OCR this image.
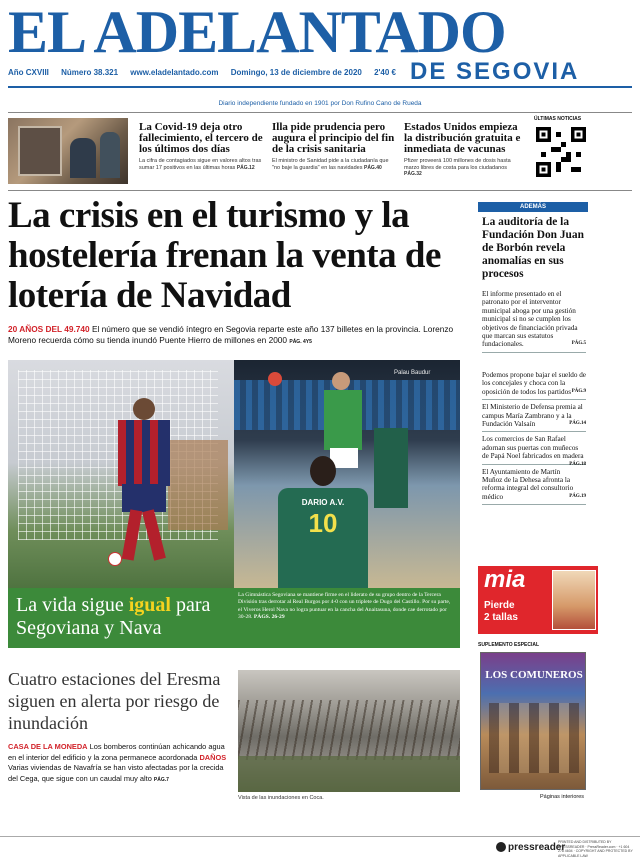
EL ADELANTADO
DE SEGOVIA
Año CXVIII Número 38.321 www.eladelantado.com Domingo, 13 de diciembre de 2020 2'40 €
Diario independiente fundado en 1901 por Don Rufino Cano de Rueda
La Covid-19 deja otro fallecimiento, el tercero de los últimos dos días

La cifra de contagiados sigue en valores altos tras sumar 17 positivos en las últimas horas PÁG.12

Illa pide prudencia pero augura el principio del fin de la crisis sanitaria

El ministro de Sanidad pide a la ciudadanía que "no baje la guardia" en las navidades PÁG.40

Estados Unidos empieza la distribución gratuita e inmediata de vacunas

Pfizer proveerá 100 millones de dosis hasta marzo libres de costa para los ciudadanos PÁG.32

ÚLTIMAS NOTICIAS
La crisis en el turismo y la hostelería frenan la venta de lotería de Navidad
20 AÑOS DEL 49.740 El número que se vendió íntegro en Segovia reparte este año 137 billetes en la provincia. Lorenzo Moreno recuerda cómo su tienda inundó Puente Hierro de millones en 2000 PÁG. 4Y5
Palau Baudur
DARIO A.V.
10
La vida sigue igual para Segoviana y Nava
La Gimnástica Segoviana se mantiene firme en el liderato de su grupo dentro de la Tercera División tras derrotar al Real Burgos por 4-0 con un triplete de Dugo del Castillo. Por su parte, el Viveros Herol Nava no logra puntuar en la cancha del Anaitasuna, donde cae derrotado por 30-28. PÁGS. 26-29
Cuatro estaciones del Eresma siguen en alerta por riesgo de inundación
CASA DE LA MONEDA Los bomberos continúan achicando agua en el interior del edificio y la zona permanece acordonada DAÑOS Varias viviendas de Navafría se han visto afectadas por la crecida del Cega, que sigue con un caudal muy alto PÁG.7
Vista de las inundaciones en Coca.
ADEMÁS
La auditoría de la Fundación Don Juan de Borbón revela anomalías en sus procesos

El informe presentado en el patronato por el interventor municipal aboga por una gestión municipal si no se cumplen los objetivos de financiación privada que marcan sus estatutos fundacionales.	PÁG.5

Podemos propone bajar el sueldo de los concejales y choca con la oposición de todos los partidos PÁG.9

El Ministerio de Defensa premia al campus María Zambrano y a la Fundación Valsaín	PÁG.14

Los comercios de San Rafael adornan sus puertas con muñecos de Papá Noel fabricados en madera
PÁG.18

El Ayuntamiento de Martín Muñoz de la Dehesa afronta la reforma integral del consultorio médico	PÁG.19

mia
Pierde
2 tallas
SUPLEMENTO ESPECIAL
LOS COMUNEROS
Páginas interiores
pressreader
PRINTED AND DISTRIBUTED BY PRESSREADER · PressReader.com · +1 604 278 4604 · COPYRIGHT AND PROTECTED BY APPLICABLE LAW
